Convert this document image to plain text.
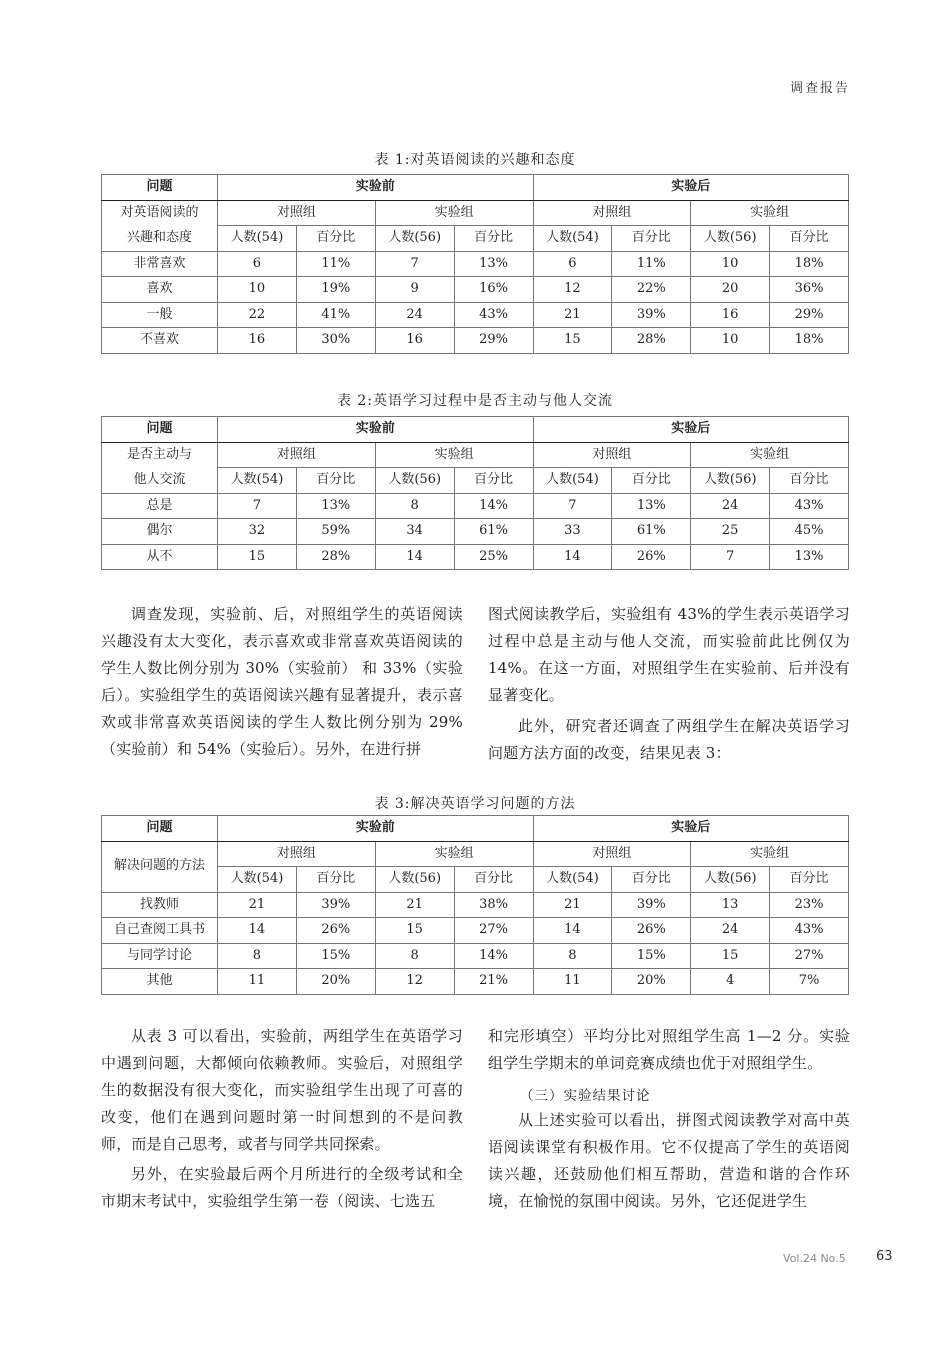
调查报告
表 1:对英语阅读的兴趣和态度
问题	实验前				实验后			
对英语阅读的	对照组		实验组		对照组		实验组	
兴趣和态度	人数(54)	百分比	人数(56)	百分比	人数(54)	百分比	人数(56)	百分比
非常喜欢	6	11%	7	13%	6	11%	10	18%
喜欢	10	19%	9	16%	12	22%	20	36%
一般	22	41%	24	43%	21	39%	16	29%
不喜欢	16	30%	16	29%	15	28%	10	18%
表 2:英语学习过程中是否主动与他人交流
问题	实验前				实验后			
是否主动与	对照组		实验组		对照组		实验组	
他人交流	人数(54)	百分比	人数(56)	百分比	人数(54)	百分比	人数(56)	百分比
总是	7	13%	8	14%	7	13%	24	43%
偶尔	32	59%	34	61%	33	61%	25	45%
从不	15	28%	14	25%	14	26%	7	13%

调查发现，实验前、后，对照组学生的英语阅读兴趣没有太大变化，表示喜欢或非常喜欢英语阅读的学生人数比例分别为 30%（实验前） 和 33%（实验后）。实验组学生的英语阅读兴趣有显著提升，表示喜欢或非常喜欢英语阅读的学生人数比例分别为 29%（实验前）和 54%（实验后）。另外，在进行拼

图式阅读教学后，实验组有 43%的学生表示英语学习过程中总是主动与他人交流，而实验前此比例仅为 14%。在这一方面，对照组学生在实验前、后并没有显著变化。

此外，研究者还调查了两组学生在解决英语学习问题方法方面的改变，结果见表 3：

表 3:解决英语学习问题的方法
问题	实验前				实验后			
解决问题的方法	对照组		实验组		对照组		实验组	
	人数(54)	百分比	人数(56)	百分比	人数(54)	百分比	人数(56)	百分比
找教师	21	39%	21	38%	21	39%	13	23%
自己查阅工具书	14	26%	15	27%	14	26%	24	43%
与同学讨论	8	15%	8	14%	8	15%	15	27%
其他	11	20%	12	21%	11	20%	4	7%

从表 3 可以看出，实验前，两组学生在英语学习中遇到问题，大都倾向依赖教师。实验后，对照组学生的数据没有很大变化，而实验组学生出现了可喜的改变，他们在遇到问题时第一时间想到的不是问教师，而是自己思考，或者与同学共同探索。

另外，在实验最后两个月所进行的全级考试和全市期末考试中，实验组学生第一卷（阅读、七选五

和完形填空）平均分比对照组学生高 1—2 分。实验组学生学期末的单词竞赛成绩也优于对照组学生。

（三）实验结果讨论

从上述实验可以看出，拼图式阅读教学对高中英语阅读课堂有积极作用。它不仅提高了学生的英语阅读兴趣，还鼓励他们相互帮助，营造和谐的合作环境，在愉悦的氛围中阅读。另外，它还促进学生

Vol.24 No.5 63
